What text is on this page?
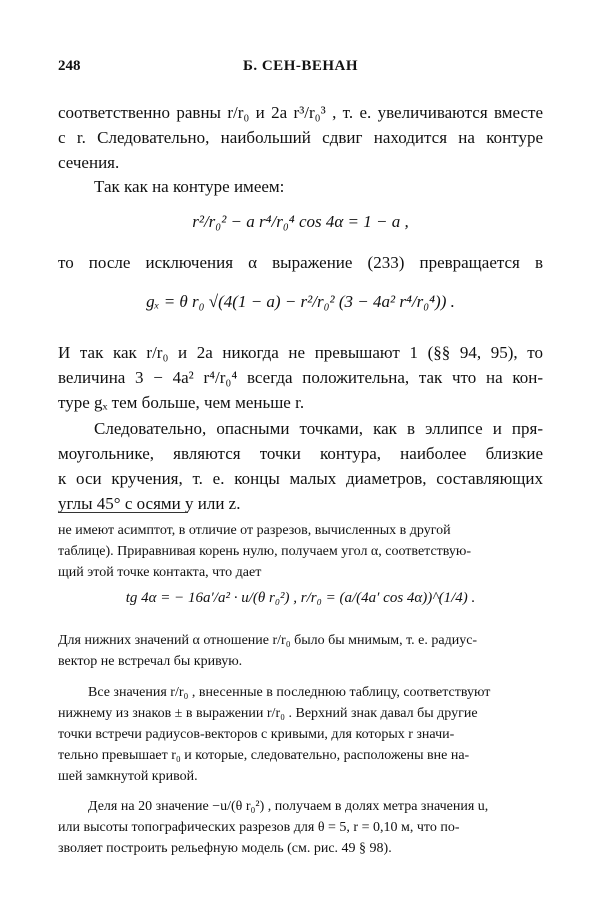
248	Б. СЕН-ВЕНАН
соответственно равны r/r₀ и 2a r³/r₀³ , т. е. увеличиваются вместе
с r. Следовательно, наибольший сдвиг находится на контуре
сечения.
Так как на контуре имеем:
r²/r₀² − a r⁴/r₀⁴ cos 4α = 1 − a ,
то после исключения α выражение (233) превращается в
gₓ = θ r₀ √(4(1 − a) − r²/r₀² (3 − 4a² r⁴/r₀⁴)) .
И так как r/r₀ и 2a никогда не превышают 1 (§§ 94, 95), то
величина 3 − 4a² r⁴/r₀⁴ всегда положительна, так что на кон-
туре gₓ тем больше, чем меньше r.
Следовательно, опасными точками, как в эллипсе и пря-
моугольнике, являются точки контура, наиболее близкие
к оси кручения, т. е. концы малых диаметров, составляющих
углы 45° с осями y или z.
не имеют асимптот, в отличие от разрезов, вычисленных в другой
таблице). Приравнивая корень нулю, получаем угол α, соответствую-
щий этой точке контакта, что дает
tg 4α = − 16a′/a² · u/(θ r₀²) , r/r₀ = (a/(4a′ cos 4α))^(1/4) .
Для нижних значений α отношение r/r₀ было бы мнимым, т. е. радиус-
вектор не встречал бы кривую.
Все значения r/r₀ , внесенные в последнюю таблицу, соответствуют
нижнему из знаков ± в выражении r/r₀ . Верхний знак давал бы другие
точки встречи радиусов-векторов с кривыми, для которых r значи-
тельно превышает r₀ и которые, следовательно, расположены вне на-
шей замкнутой кривой.
Деля на 20 значение −u/(θ r₀²) , получаем в долях метра значения u,
или высоты топографических разрезов для θ = 5, r = 0,10 м, что по-
зволяет построить рельефную модель (см. рис. 49 § 98).
